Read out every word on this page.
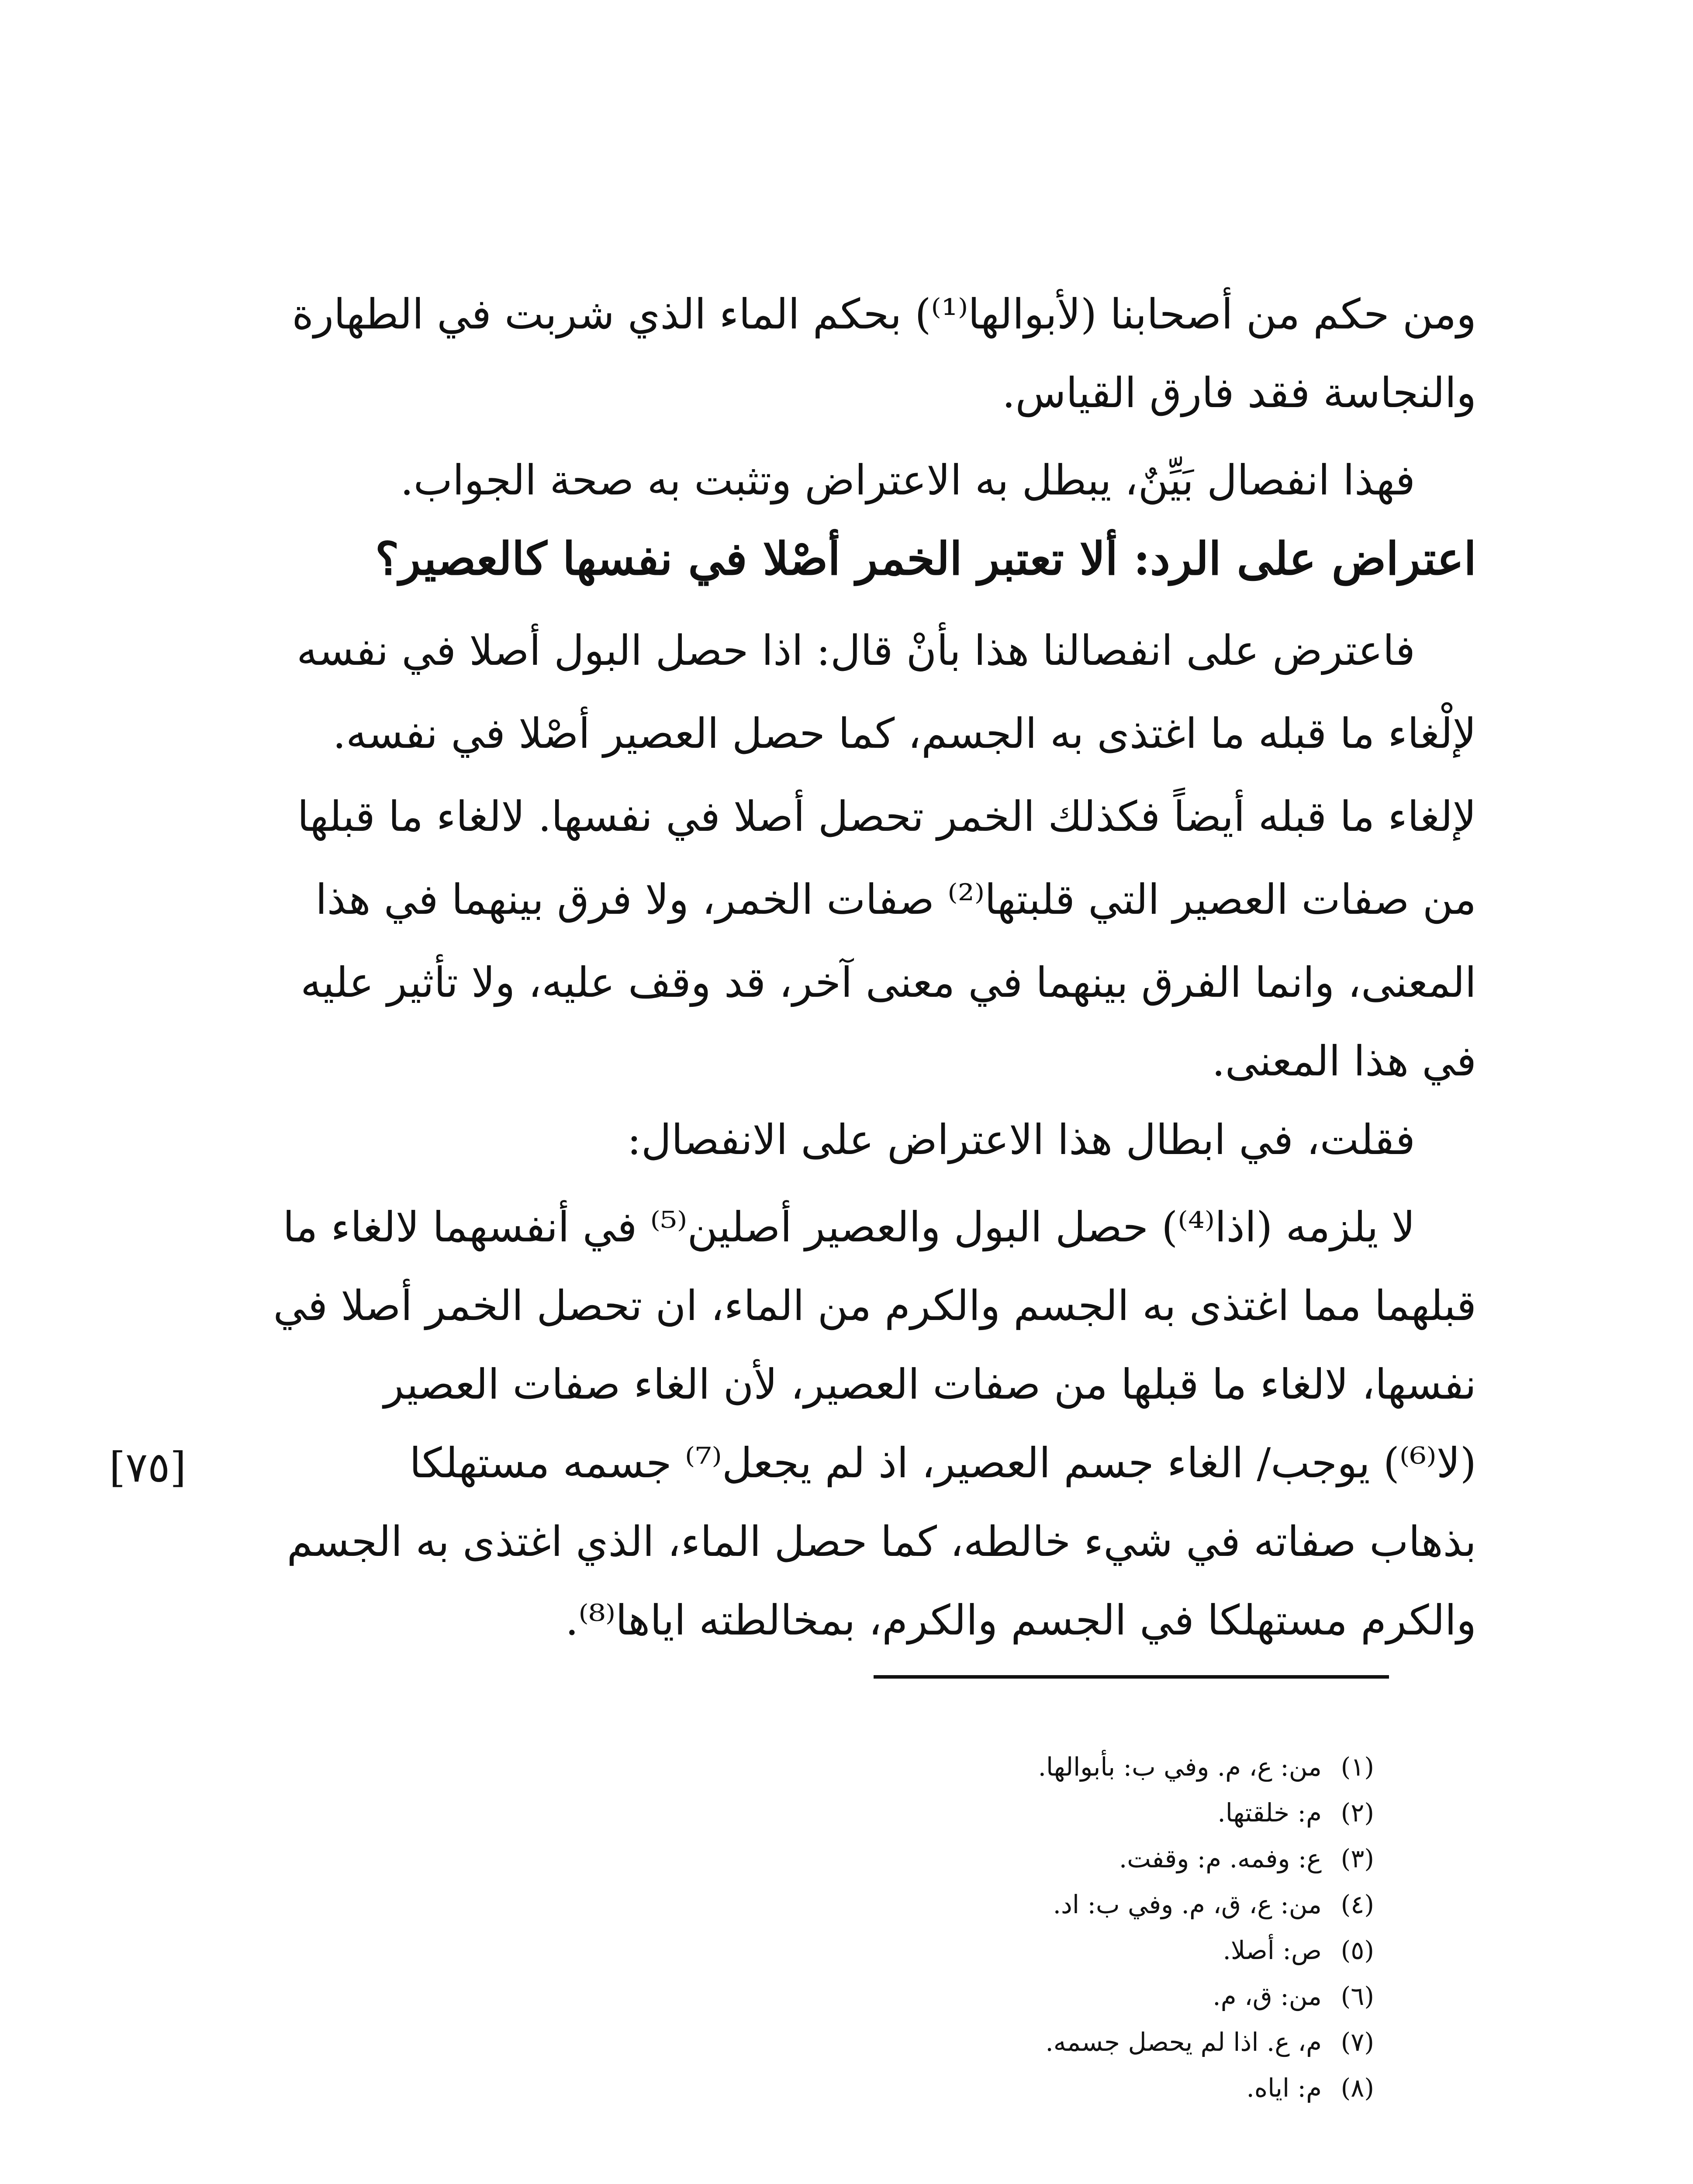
ومن حكم من أصحابنا (لأبوالها⁽¹⁾) بحكم الماء الذي شربت في الطهارة
والنجاسة فقد فارق القياس.
فهذا انفصال بَيِّنٌ، يبطل به الاعتراض وتثبت به صحة الجواب.
اعتراض على الرد: ألا تعتبر الخمر أصْلا في نفسها كالعصير؟
فاعترض على انفصالنا هذا بأنْ قال: اذا حصل البول أصلا في نفسه
لإلْغاء ما قبله ما اغتذى به الجسم، كما حصل العصير أصْلا في نفسه.
لإلغاء ما قبله أيضاً فكذلك الخمر تحصل أصلا في نفسها. لالغاء ما قبلها
من صفات العصير التي قلبتها⁽²⁾ صفات الخمر، ولا فرق بينهما في هذا
المعنى، وانما الفرق بينهما في معنى آخر، قد وقف عليه، ولا تأثير عليه
في هذا المعنى.
فقلت، في ابطال هذا الاعتراض على الانفصال:
لا يلزمه (اذا⁽⁴⁾) حصل البول والعصير أصلين⁽⁵⁾ في أنفسهما لالغاء ما
قبلهما مما اغتذى به الجسم والكرم من الماء، ان تحصل الخمر أصلا في
نفسها، لالغاء ما قبلها من صفات العصير، لأن الغاء صفات العصير
(لا⁽⁶⁾) يوجب/ الغاء جسم العصير، اذ لم يجعل⁽⁷⁾ جسمه مستهلكا
بذهاب صفاته في شيء خالطه، كما حصل الماء، الذي اغتذى به الجسم
والكرم مستهلكا في الجسم والكرم، بمخالطته اياها⁽⁸⁾.
[٧٥]
(١)من: ع، م. وفي ب: بأبوالها.
(٢)م: خلقتها.
(٣)ع: وفمه. م: وقفت.
(٤)من: ع، ق، م. وفي ب: اد.
(٥)ص: أصلا.
(٦)من: ق، م.
(٧)م، ع. اذا لم يحصل جسمه.
(٨)م: اياه.
